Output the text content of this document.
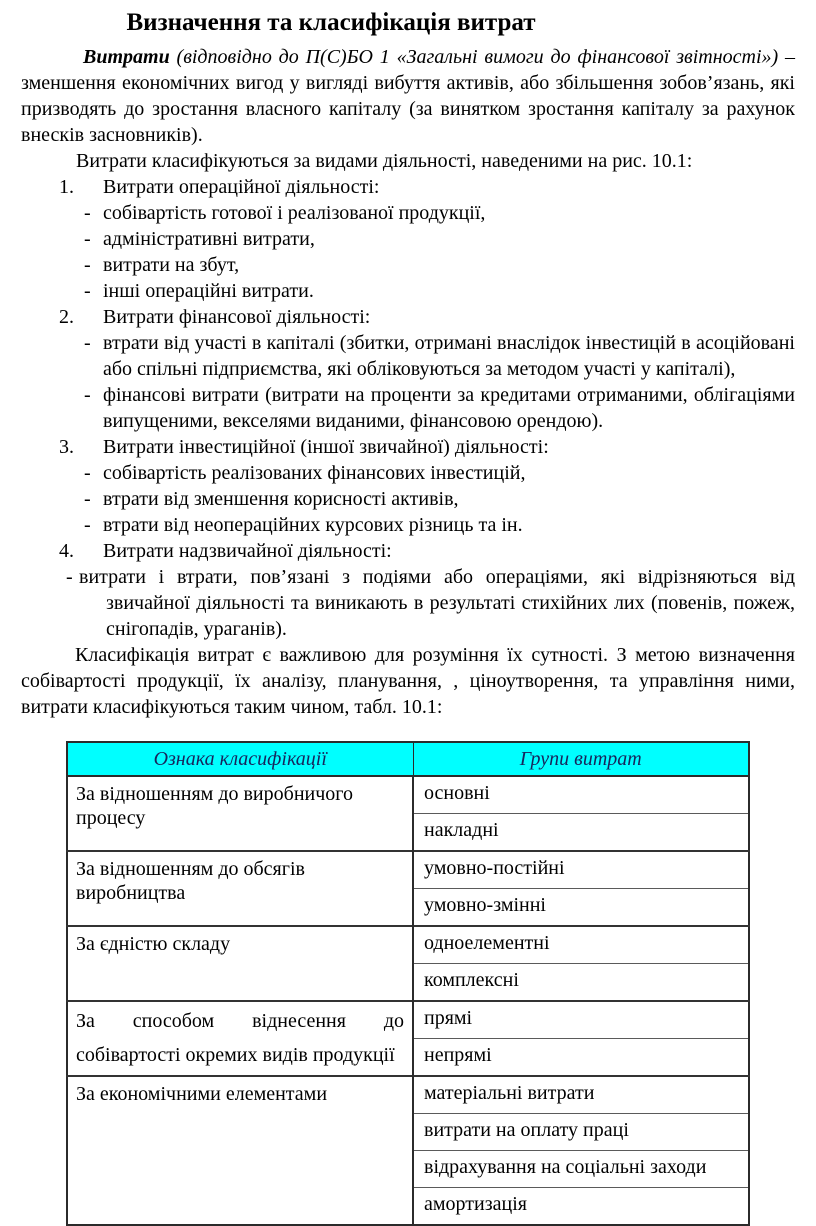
Визначення та класифікація витрат

Витрати (відповідно до П(С)БО 1 «Загальні вимоги до фінансової звітності») – зменшення економічних вигод у вигляді вибуття активів, або збільшення зобов’язань, які призводять до зростання власного капіталу (за винятком зростання капіталу за рахунок внесків засновників).

Витрати класифікуються за видами діяльності, наведеними на рис. 10.1:

1. Витрати операційної діяльності:
- собівартість готової і реалізованої продукції,
- адміністративні витрати,
- витрати на збут,
- інші операційні витрати.
2. Витрати фінансової діяльності:
- втрати від участі в капіталі (збитки, отримані внаслідок інвестицій в асоційовані або спільні підприємства, які обліковуються за методом участі у капіталі),
- фінансові витрати (витрати на проценти за кредитами отриманими, облігаціями випущеними, векселями виданими, фінансовою орендою).
3. Витрати інвестиційної (іншої звичайної) діяльності:
- собівартість реалізованих фінансових інвестицій,
- втрати від зменшення корисності активів,
- втрати від неопераційних курсових різниць та ін.
4. Витрати надзвичайної діяльності:
- витрати і втрати, пов’язані з подіями або операціями, які відрізняються від звичайної діяльності та виникають в результаті стихійних лих (повенів, пожеж, снігопадів, ураганів).

Класифікація витрат є важливою для розуміння їх сутності. З метою визначення собівартості продукції, їх аналізу, планування, , ціноутворення, та управління ними, витрати класифікуються таким чином, табл. 10.1:

Ознака класифікації	Групи витрат
За відношенням до виробничого процесу	основні
	накладні
За відношенням до обсягів виробництва	умовно-постійні
	умовно-змінні
За єдністю складу	одноелементні
	комплексні
За способом віднесення до собівартості окремих видів продукції	прямі
	непрямі
За економічними елементами	матеріальні витрати
	витрати на оплату праці
	відрахування на соціальні заходи
	амортизація
